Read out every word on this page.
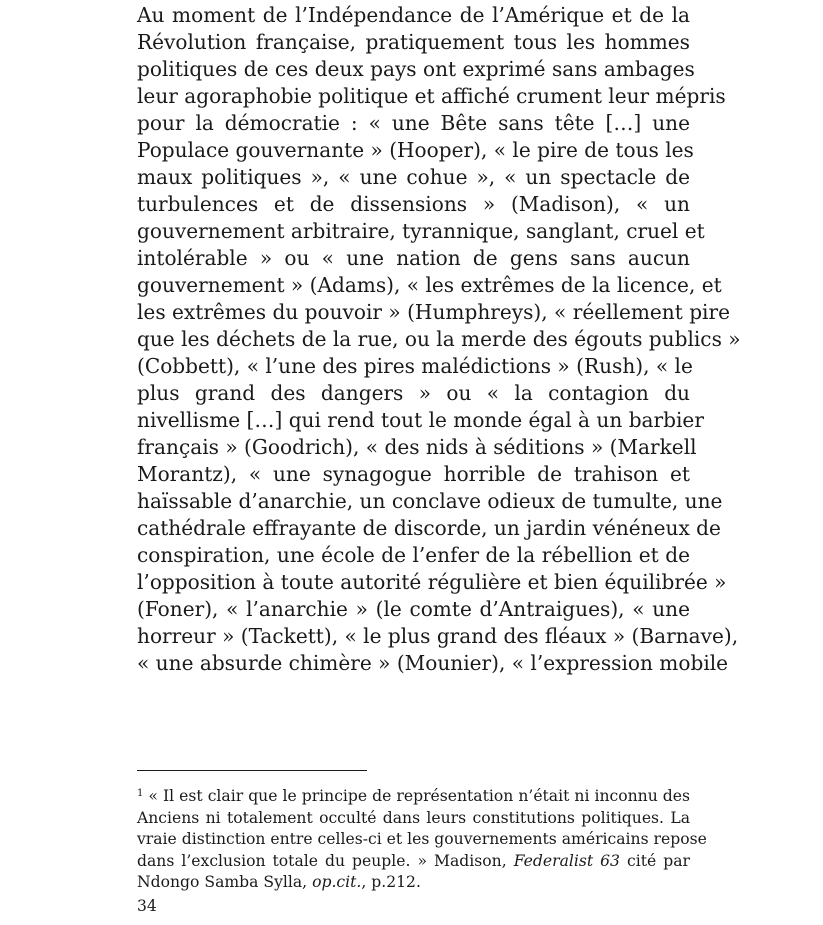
Au moment de l’Indépendance de l’Amérique et de la
Révolution française, pratiquement tous les hommes
politiques de ces deux pays ont exprimé sans ambages
leur agoraphobie politique et affiché crument leur mépris
pour la démocratie : « une Bête sans tête […] une
Populace gouvernante » (Hooper), « le pire de tous les
maux politiques », « une cohue », « un spectacle de
turbulences et de dissensions » (Madison), « un
gouvernement arbitraire, tyrannique, sanglant, cruel et
intolérable » ou « une nation de gens sans aucun
gouvernement » (Adams), « les extrêmes de la licence, et
les extrêmes du pouvoir » (Humphreys), « réellement pire
que les déchets de la rue, ou la merde des égouts publics »
(Cobbett), « l’une des pires malédictions » (Rush), « le
plus grand des dangers » ou « la contagion du
nivellisme […] qui rend tout le monde égal à un barbier
français » (Goodrich), « des nids à séditions » (Markell
Morantz), « une synagogue horrible de trahison et
haïssable d’anarchie, un conclave odieux de tumulte, une
cathédrale effrayante de discorde, un jardin vénéneux de
conspiration, une école de l’enfer de la rébellion et de
l’opposition à toute autorité régulière et bien équilibrée »
(Foner), « l’anarchie » (le comte d’Antraigues), « une
horreur » (Tackett), « le plus grand des fléaux » (Barnave),
« une absurde chimère » (Mounier), « l’expression mobile

$^1$ « Il est clair que le principe de représentation n’était ni inconnu des
Anciens ni totalement occulté dans leurs constitutions politiques. La
vraie distinction entre celles-ci et les gouvernements américains repose
dans l’exclusion totale du peuple. » Madison, Federalist 63 cité par
Ndongo Samba Sylla, op.cit., p.212.
34
